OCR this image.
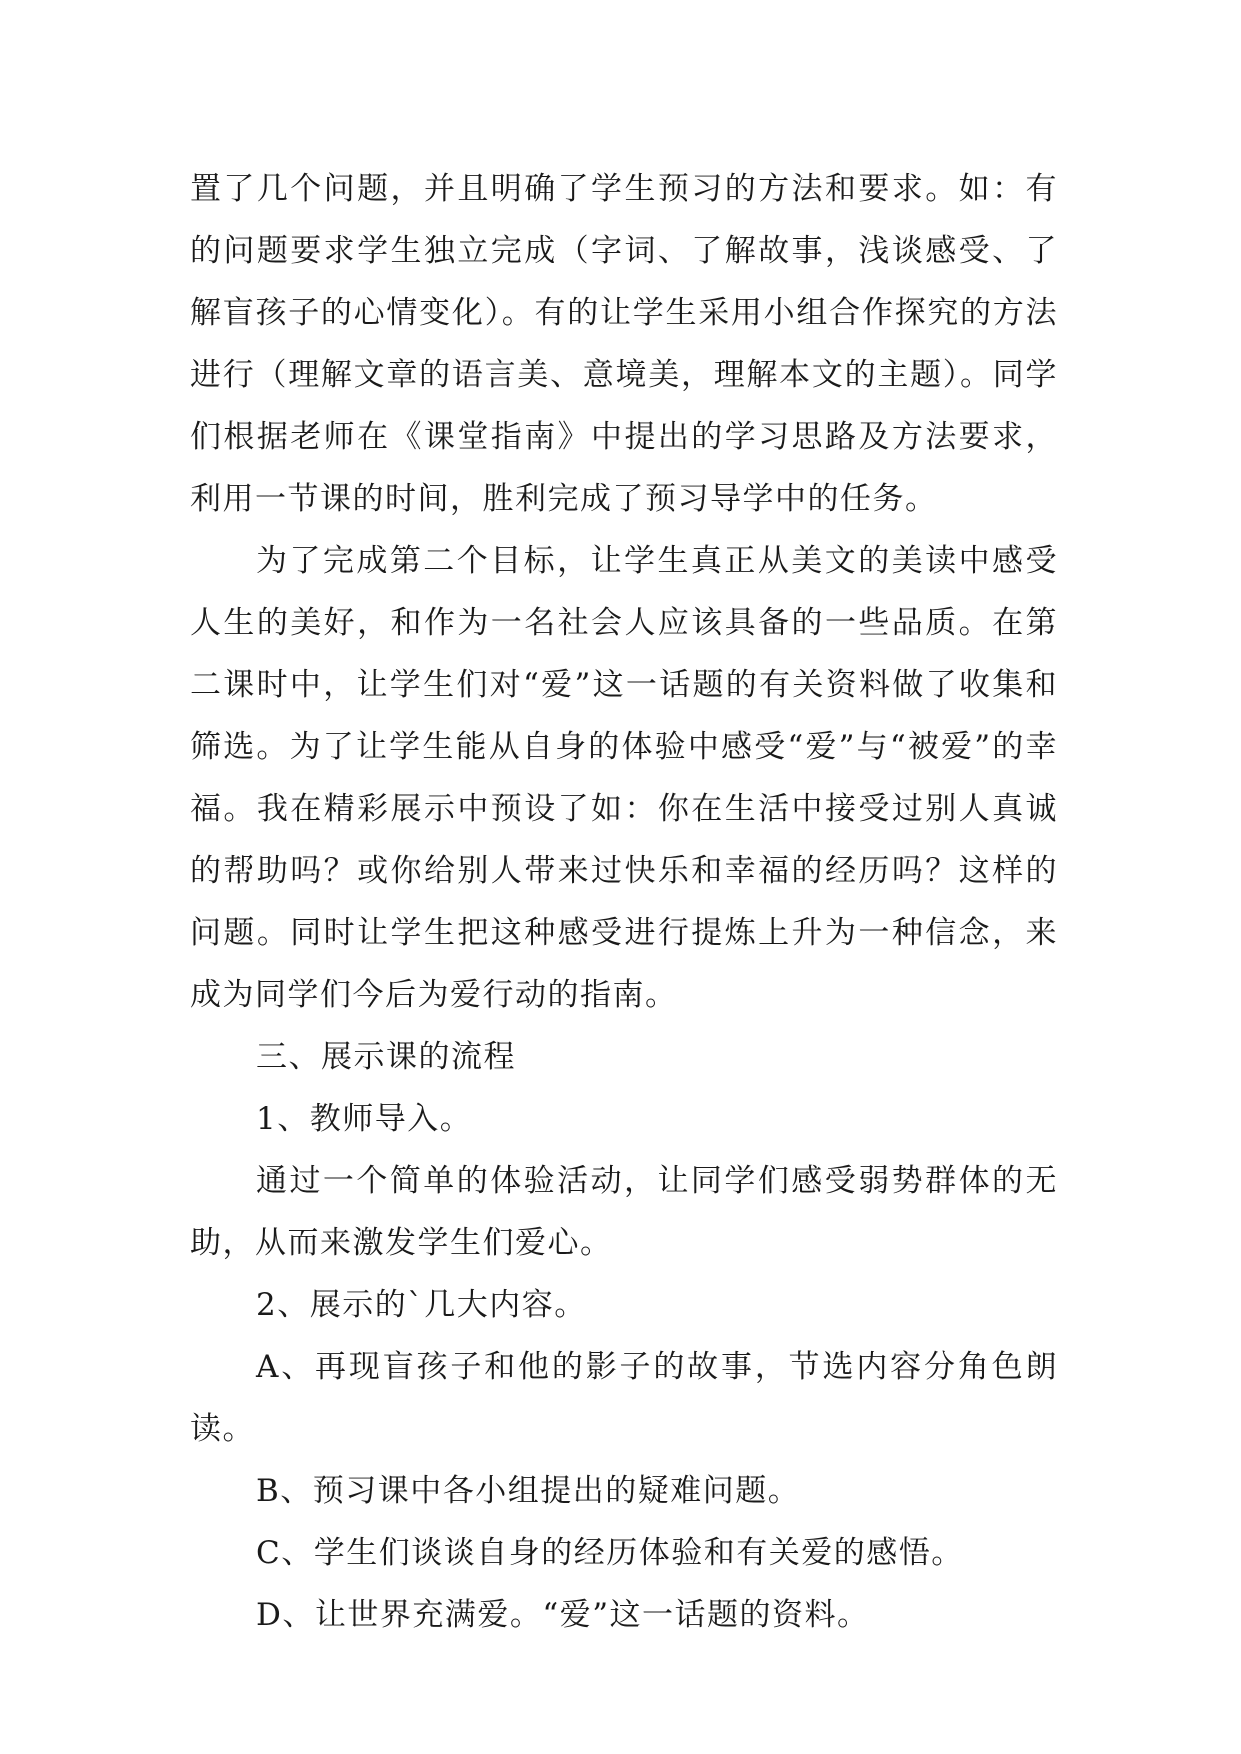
置了几个问题，并且明确了学生预习的方法和要求。如：有的问题要求学生独立完成（字词、了解故事，浅谈感受、了解盲孩子的心情变化）。有的让学生采用小组合作探究的方法进行（理解文章的语言美、意境美，理解本文的主题）。同学们根据老师在《课堂指南》中提出的学习思路及方法要求，利用一节课的时间，胜利完成了预习导学中的任务。

为了完成第二个目标，让学生真正从美文的美读中感受人生的美好，和作为一名社会人应该具备的一些品质。在第二课时中，让学生们对“爱”这一话题的有关资料做了收集和筛选。为了让学生能从自身的体验中感受“爱”与“被爱”的幸福。我在精彩展示中预设了如：你在生活中接受过别人真诚的帮助吗？或你给别人带来过快乐和幸福的经历吗？这样的问题。同时让学生把这种感受进行提炼上升为一种信念，来成为同学们今后为爱行动的指南。

三、展示课的流程

1、教师导入。

通过一个简单的体验活动，让同学们感受弱势群体的无助，从而来激发学生们爱心。

2、展示的`几大内容。

A、再现盲孩子和他的影子的故事，节选内容分角色朗读。

B、预习课中各小组提出的疑难问题。

C、学生们谈谈自身的经历体验和有关爱的感悟。

D、让世界充满爱。“爱”这一话题的资料。
